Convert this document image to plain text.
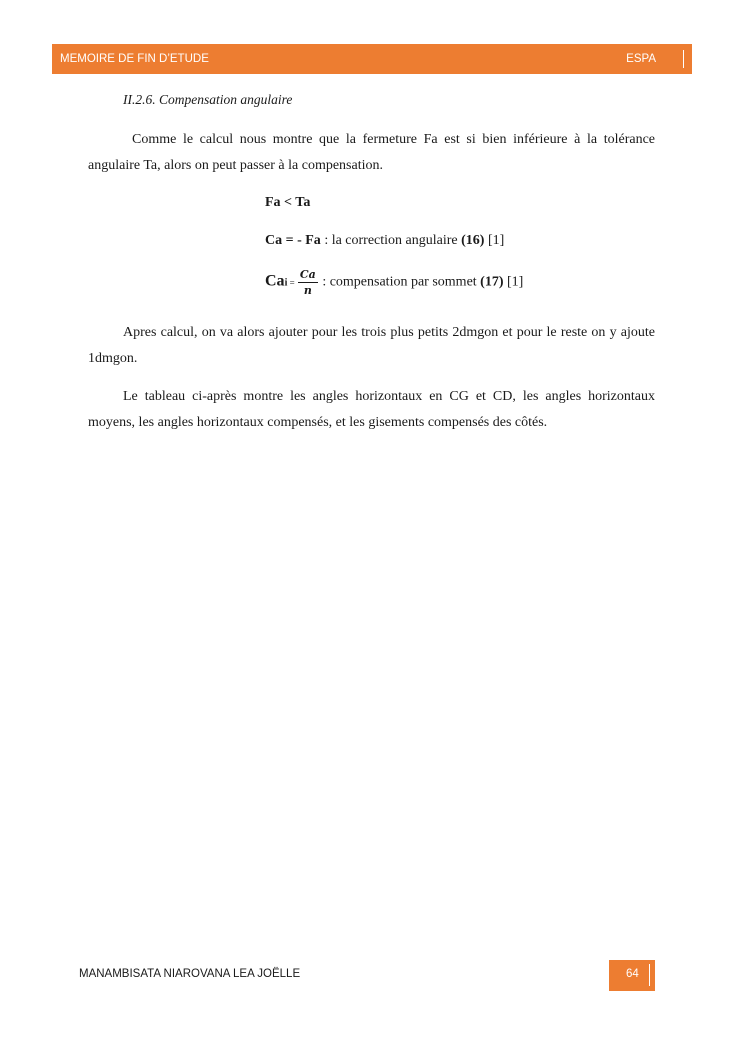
MEMOIRE DE FIN D’ETUDE	ESPA
II.2.6. Compensation angulaire

Comme le calcul nous montre que la fermeture Fa est si bien inférieure à la tolérance angulaire Ta, alors on peut passer à la compensation.

Fa < Ta
Ca = - Fa : la correction angulaire (16) [1]
Cai = $\frac{Ca}{n}$ : compensation par sommet (17) [1]

Apres calcul, on va alors ajouter pour les trois plus petits 2dmgon et pour le reste on y ajoute 1dmgon.

Le tableau ci-après montre les angles horizontaux en CG et CD, les angles horizontaux moyens, les angles horizontaux compensés, et les gisements compensés des côtés.

MANAMBISATA NIAROVANA LEA JOËLLE	64
